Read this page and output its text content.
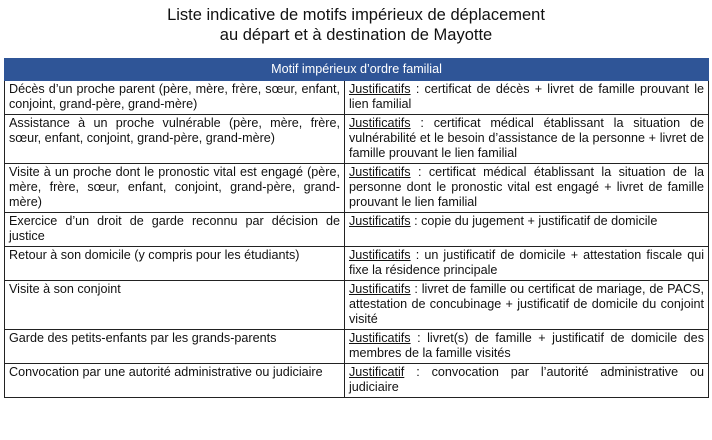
Liste indicative de motifs impérieux de déplacement
au départ et à destination de Mayotte
Motif impérieux d’ordre familial	
Décès d’un proche parent (père, mère, frère, sœur, enfant, conjoint, grand-père, grand-mère)	Justificatifs : certificat de décès + livret de famille prouvant le lien familial
Assistance à un proche vulnérable (père, mère, frère, sœur, enfant, conjoint, grand-père, grand-mère)	Justificatifs : certificat médical établissant la situation de vulnérabilité et le besoin d’assistance de la personne + livret de famille prouvant le lien familial
Visite à un proche dont le pronostic vital est engagé (père, mère, frère, sœur, enfant, conjoint, grand-père, grand-mère)	Justificatifs : certificat médical établissant la situation de la personne dont le pronostic vital est engagé + livret de famille prouvant le lien familial
Exercice d’un droit de garde reconnu par décision de justice	Justificatifs : copie du jugement + justificatif de domicile
Retour à son domicile (y compris pour les étudiants)	Justificatifs : un justificatif de domicile + attestation fiscale qui fixe la résidence principale
Visite à son conjoint	Justificatifs : livret de famille ou certificat de mariage, de PACS, attestation de concubinage + justificatif de domicile du conjoint visité
Garde des petits-enfants par les grands-parents	Justificatifs : livret(s) de famille + justificatif de domicile des membres de la famille visités
Convocation par une autorité administrative ou judiciaire	Justificatif : convocation par l’autorité administrative ou judiciaire
